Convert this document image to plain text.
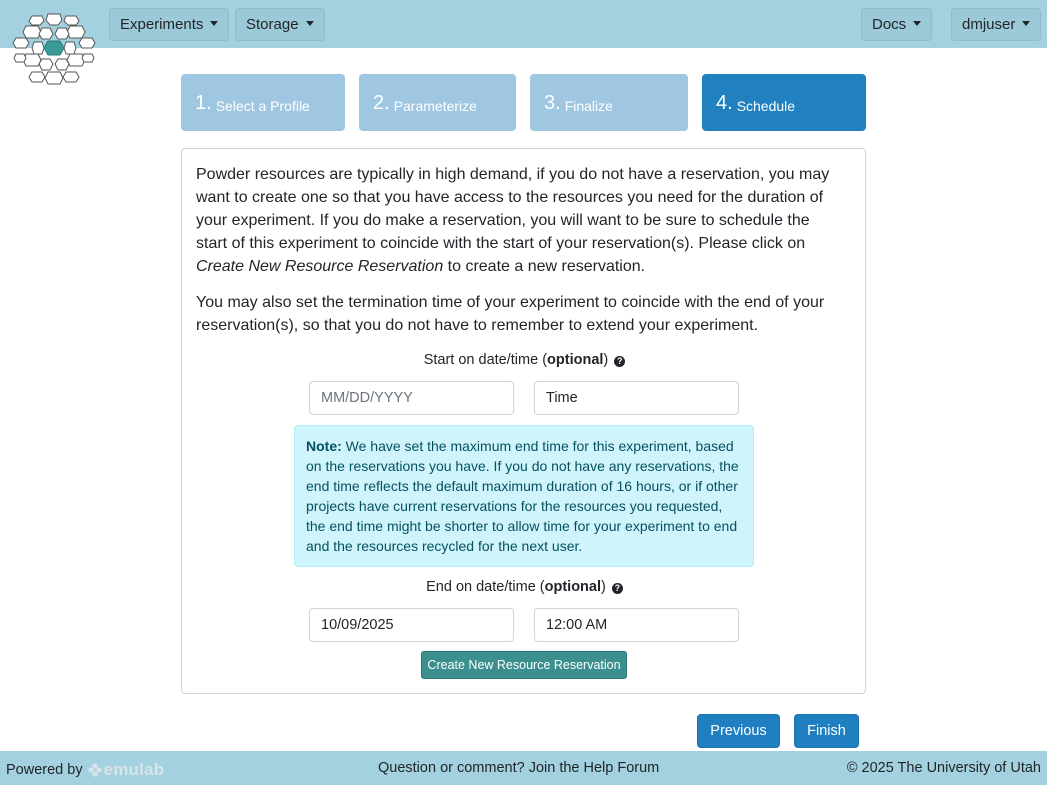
Experiments	Storage	Docs	dmjuser
1. Select a Profile	2. Parameterize	3. Finalize	4. Schedule

Powder resources are typically in high demand, if you do not have a reservation, you may want to create one so that you have access to the resources you need for the duration of your experiment. If you do make a reservation, you will want to be sure to schedule the start of this experiment to coincide with the start of your reservation(s). Please click on Create New Resource Reservation to create a new reservation.

You may also set the termination time of your experiment to coincide with the end of your reservation(s), so that you do not have to remember to extend your experiment.

Start on date/time (optional) ?
MM/DD/YYYY
Time
Note: We have set the maximum end time for this experiment, based on the reservations you have. If you do not have any reservations, the end time reflects the default maximum duration of 16 hours, or if other projects have current reservations for the resources you requested, the end time might be shorter to allow time for your experiment to end and the resources recycled for the next user.
End on date/time (optional) ?
10/09/2025
12:00 AM
Create New Resource Reservation
Previous	Finish
Powered by emulab	Question or comment? Join the Help Forum	© 2025 The University of Utah
